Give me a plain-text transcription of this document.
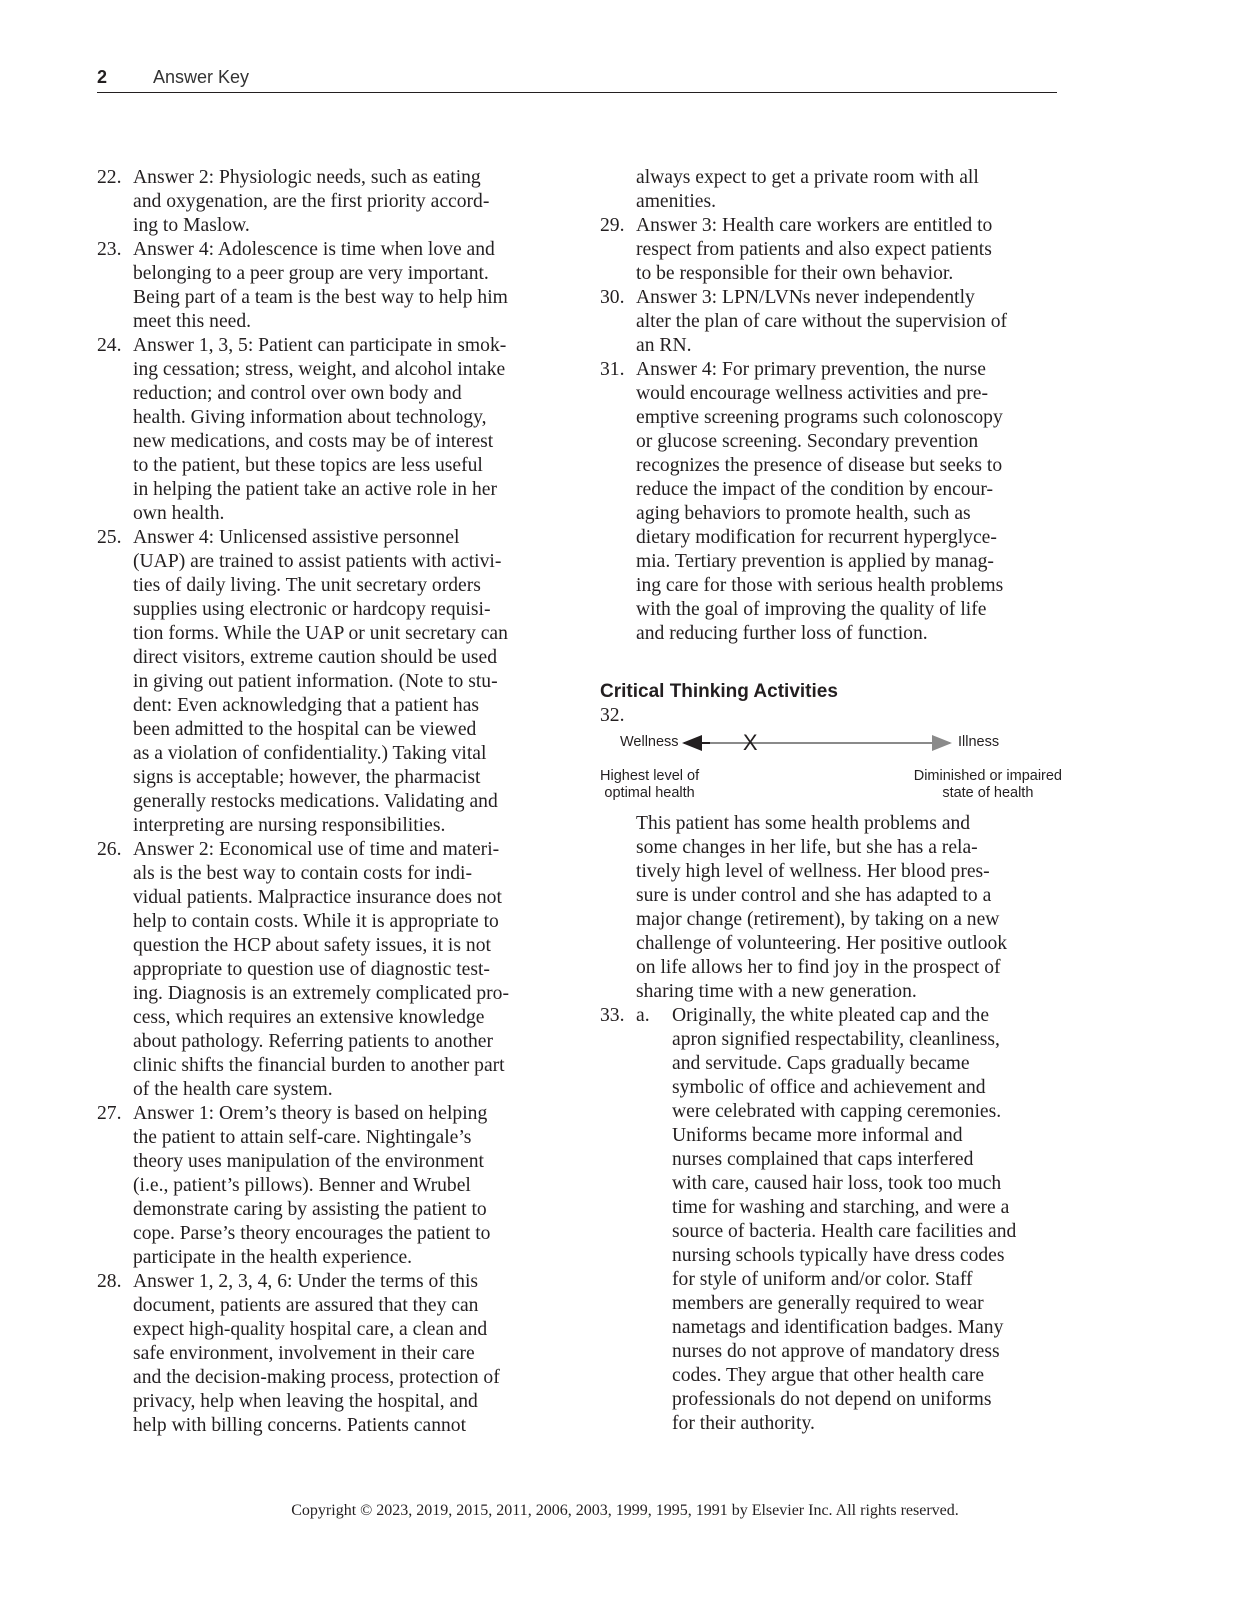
2	Answer Key
22. Answer 2: Physiologic needs, such as eating
and oxygenation, are the first priority accord-
ing to Maslow.
23. Answer 4: Adolescence is time when love and
belonging to a peer group are very important.
Being part of a team is the best way to help him
meet this need.
24. Answer 1, 3, 5: Patient can participate in smok-
ing cessation; stress, weight, and alcohol intake
reduction; and control over own body and
health. Giving information about technology,
new medications, and costs may be of interest
to the patient, but these topics are less useful
in helping the patient take an active role in her
own health.
25. Answer 4: Unlicensed assistive personnel
(UAP) are trained to assist patients with activi-
ties of daily living. The unit secretary orders
supplies using electronic or hardcopy requisi-
tion forms. While the UAP or unit secretary can
direct visitors, extreme caution should be used
in giving out patient information. (Note to stu-
dent: Even acknowledging that a patient has
been admitted to the hospital can be viewed
as a violation of confidentiality.) Taking vital
signs is acceptable; however, the pharmacist
generally restocks medications. Validating and
interpreting are nursing responsibilities.
26. Answer 2: Economical use of time and materi-
als is the best way to contain costs for indi-
vidual patients. Malpractice insurance does not
help to contain costs. While it is appropriate to
question the HCP about safety issues, it is not
appropriate to question use of diagnostic test-
ing. Diagnosis is an extremely complicated pro-
cess, which requires an extensive knowledge
about pathology. Referring patients to another
clinic shifts the financial burden to another part
of the health care system.
27. Answer 1: Orem’s theory is based on helping
the patient to attain self-care. Nightingale’s
theory uses manipulation of the environment
(i.e., patient’s pillows). Benner and Wrubel
demonstrate caring by assisting the patient to
cope. Parse’s theory encourages the patient to
participate in the health experience.
28. Answer 1, 2, 3, 4, 6: Under the terms of this
document, patients are assured that they can
expect high-quality hospital care, a clean and
safe environment, involvement in their care
and the decision-making process, protection of
privacy, help when leaving the hospital, and
help with billing concerns. Patients cannot
always expect to get a private room with all
amenities.
29. Answer 3: Health care workers are entitled to
respect from patients and also expect patients
to be responsible for their own behavior.
30. Answer 3: LPN/LVNs never independently
alter the plan of care without the supervision of
an RN.
31. Answer 4: For primary prevention, the nurse
would encourage wellness activities and pre-
emptive screening programs such colonoscopy
or glucose screening. Secondary prevention
recognizes the presence of disease but seeks to
reduce the impact of the condition by encour-
aging behaviors to promote health, such as
dietary modification for recurrent hyperglyce-
mia. Tertiary prevention is applied by manag-
ing care for those with serious health problems
with the goal of improving the quality of life
and reducing further loss of function.
Critical Thinking Activities
32.
X
Wellness	Illness
Highest level of
optimal health
Diminished or impaired
state of health
This patient has some health problems and
some changes in her life, but she has a rela-
tively high level of wellness. Her blood pres-
sure is under control and she has adapted to a
major change (retirement), by taking on a new
challenge of volunteering. Her positive outlook
on life allows her to find joy in the prospect of
sharing time with a new generation.
33. a.	Originally, the white pleated cap and the
apron signified respectability, cleanliness,
and servitude. Caps gradually became
symbolic of office and achievement and
were celebrated with capping ceremonies.
Uniforms became more informal and
nurses complained that caps interfered
with care, caused hair loss, took too much
time for washing and starching, and were a
source of bacteria. Health care facilities and
nursing schools typically have dress codes
for style of uniform and/or color. Staff
members are generally required to wear
nametags and identification badges. Many
nurses do not approve of mandatory dress
codes. They argue that other health care
professionals do not depend on uniforms
for their authority.
Copyright © 2023, 2019, 2015, 2011, 2006, 2003, 1999, 1995, 1991 by Elsevier Inc. All rights reserved.
